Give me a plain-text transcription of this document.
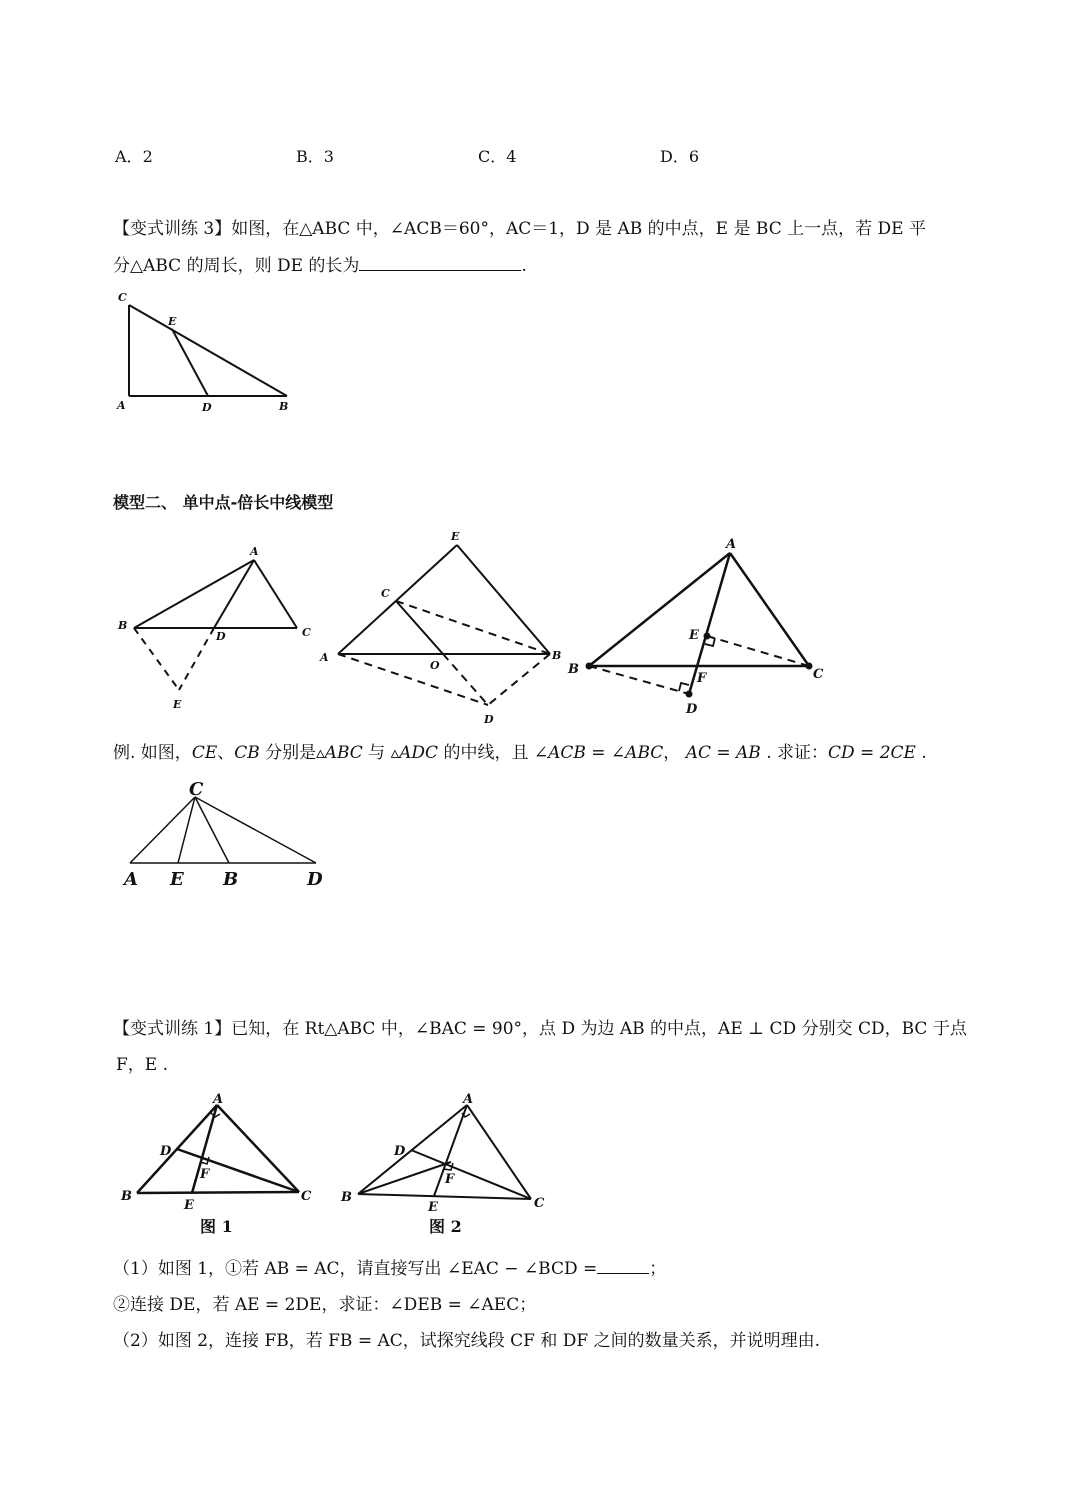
A．2	B．3	C．4	D．6
【变式训练 3】如图，在△ABC 中，∠ACB＝60°，AC＝1，D 是 AB 的中点，E 是 BC 上一点，若 DE 平
分△ABC 的周长，则 DE 的长为	.
C
E
A	D	B
模型二、 单中点-倍长中线模型
A
B
C
D
E
E
C
A
O
B
D
A
E
B
F	C
D
例. 如图，CE、CB 分别是▵ABC 与 ▵ADC 的中线，且 ∠ACB = ∠ABC， AC = AB . 求证：CD = 2CE .
C
A E B	D
【变式训练 1】已知，在 Rt△ABC 中，∠BAC = 90°，点 D 为边 AB 的中点，AE ⊥ CD 分别交 CD，BC 于点
F，E .
A
D
F
B
E
C
图 1
A
D
F
B
E	C
图 2
（1）如图 1，①若 AB = AC，请直接写出 ∠EAC − ∠BCD =	；
②连接 DE，若 AE = 2DE，求证：∠DEB = ∠AEC；
（2）如图 2，连接 FB，若 FB = AC，试探究线段 CF 和 DF 之间的数量关系，并说明理由.
